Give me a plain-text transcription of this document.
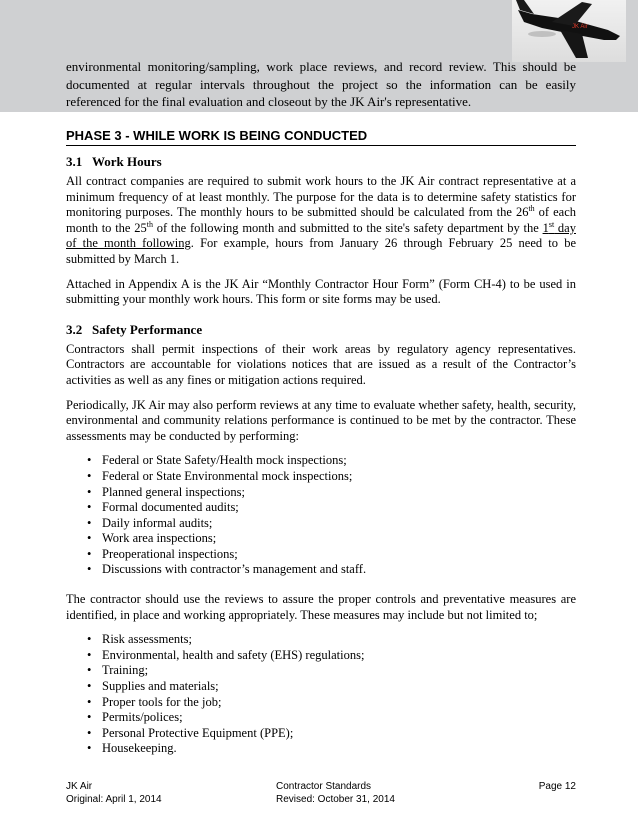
JK Air

environmental monitoring/sampling, work place reviews, and record review. This should be documented at regular intervals throughout the project so the information can be easily referenced for the final evaluation and closeout by the JK Air's representative.

PHASE 3 - WHILE WORK IS BEING CONDUCTED
3.1 Work Hours

All contract companies are required to submit work hours to the JK Air contract representative at a minimum frequency of at least monthly. The purpose for the data is to determine safety statistics for monitoring purposes. The monthly hours to be submitted should be calculated from the 26th of each month to the 25th of the following month and submitted to the site's safety department by the 1st day of the month following. For example, hours from January 26 through February 25 need to be submitted by March 1.

Attached in Appendix A is the JK Air “Monthly Contractor Hour Form” (Form CH-4) to be used in submitting your monthly work hours. This form or site forms may be used.

3.2 Safety Performance

Contractors shall permit inspections of their work areas by regulatory agency representatives. Contractors are accountable for violations notices that are issued as a result of the Contractor’s activities as well as any fines or mitigation actions required.

Periodically, JK Air may also perform reviews at any time to evaluate whether safety, health, security, environmental and community relations performance is continued to be met by the contractor. These assessments may be conducted by performing:

• Federal or State Safety/Health mock inspections;
• Federal or State Environmental mock inspections;
• Planned general inspections;
• Formal documented audits;
• Daily informal audits;
• Work area inspections;
• Preoperational inspections;
• Discussions with contractor’s management and staff.

The contractor should use the reviews to assure the proper controls and preventative measures are identified, in place and working appropriately. These measures may include but not limited to;

• Risk assessments;
• Environmental, health and safety (EHS) regulations;
• Training;
• Supplies and materials;
• Proper tools for the job;
• Permits/polices;
• Personal Protective Equipment (PPE);
• Housekeeping.
JK Air	Contractor Standards	Page 12
Original: April 1, 2014	Revised: October 31, 2014
